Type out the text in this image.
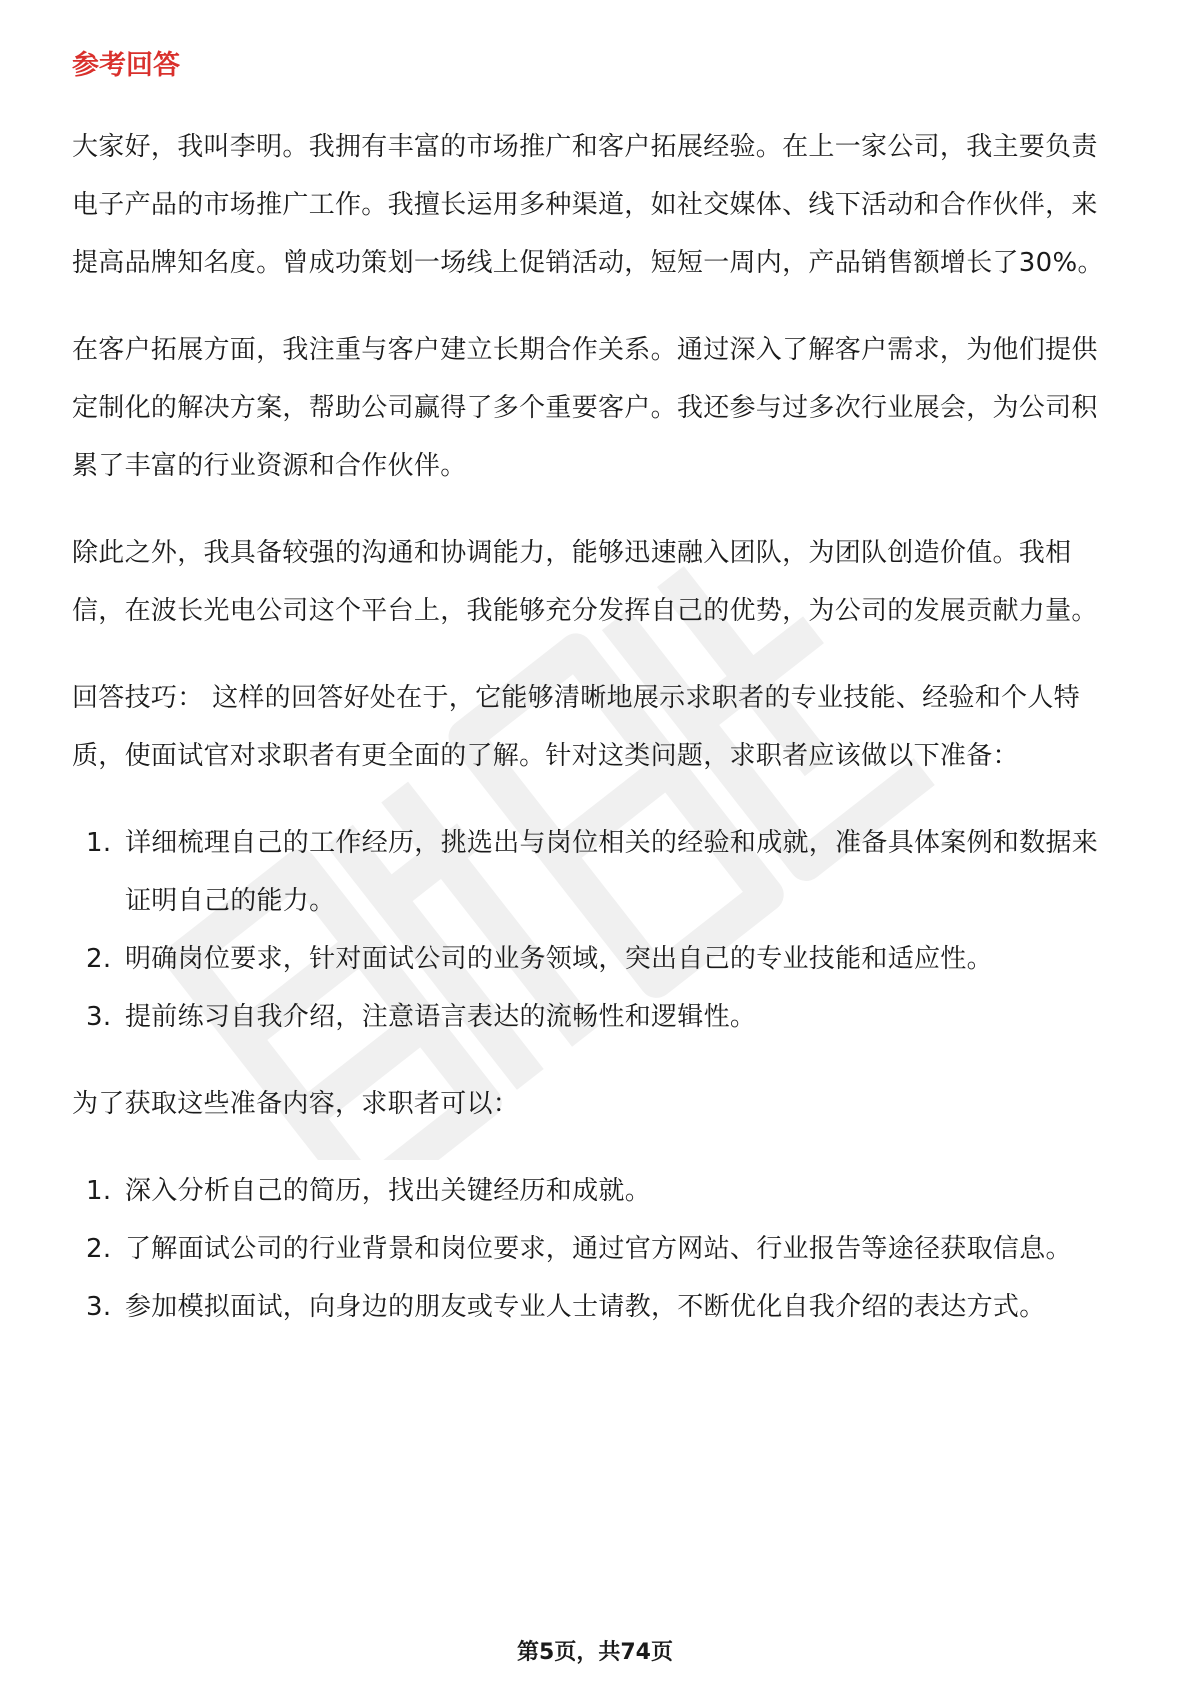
参考回答

大家好，我叫李明。我拥有丰富的市场推广和客户拓展经验。在上一家公司，我主要负责电子产品的市场推广工作。我擅长运用多种渠道，如社交媒体、线下活动和合作伙伴，来提高品牌知名度。曾成功策划一场线上促销活动，短短一周内，产品销售额增长了30%。

在客户拓展方面，我注重与客户建立长期合作关系。通过深入了解客户需求，为他们提供定制化的解决方案，帮助公司赢得了多个重要客户。我还参与过多次行业展会，为公司积累了丰富的行业资源和合作伙伴。

除此之外，我具备较强的沟通和协调能力，能够迅速融入团队，为团队创造价值。我相信，在波长光电公司这个平台上，我能够充分发挥自己的优势，为公司的发展贡献力量。

回答技巧： 这样的回答好处在于，它能够清晰地展示求职者的专业技能、经验和个人特质，使面试官对求职者有更全面的了解。针对这类问题，求职者应该做以下准备：

1. 详细梳理自己的工作经历，挑选出与岗位相关的经验和成就，准备具体案例和数据来证明自己的能力。
2. 明确岗位要求，针对面试公司的业务领域，突出自己的专业技能和适应性。
3. 提前练习自我介绍，注意语言表达的流畅性和逻辑性。

为了获取这些准备内容，求职者可以：

1. 深入分析自己的简历，找出关键经历和成就。
2. 了解面试公司的行业背景和岗位要求，通过官方网站、行业报告等途径获取信息。
3. 参加模拟面试，向身边的朋友或专业人士请教，不断优化自我介绍的表达方式。
第5页，共74页
